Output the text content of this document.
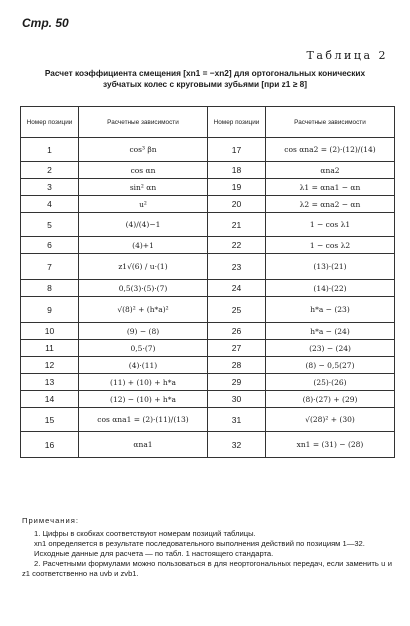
Стр. 50
Таблица 2
Расчет коэффициента смещения [xn1 = −xn2] для ортогональных конических зубчатых колес с круговыми зубьями [при z1 ≥ 8]
Номер позиции	Расчетные зависимости	Номер позиции	Расчетные зависимости
1	cos³ βn	17	cos αna2 = (2)·(12)/(14)
2	cos αn	18	αna2
3	sin² αn	19	λ1 = αna1 − αn
4	u²	20	λ2 = αna2 − αn
5	(4)/(4)−1	21	1 − cos λ1
6	(4)+1	22	1 − cos λ2
7	z1√(6) / u·(1)	23	(13)·(21)
8	0,5(3)·(5)·(7)	24	(14)·(22)
9	√(8)² + (h*a)²	25	h*a − (23)
10	(9) − (8)	26	h*a − (24)
11	0,5·(7)	27	(23) − (24)
12	(4)·(11)	28	(8) − 0,5(27)
13	(11) + (10) + h*a	29	(25)·(26)
14	(12) − (10) + h*a	30	(8)·(27) + (29)
15	cos αna1 = (2)·(11)/(13)	31	√(28)² + (30)
16	αna1	32	xn1 = (31) − (28)
Примечания:

1. Цифры в скобках соответствуют номерам позиций таблицы.

xn1 определяется в результате последовательного выполнения действий по позициям 1—32.

Исходные данные для расчета — по табл. 1 настоящего стандарта.

2. Расчетными формулами можно пользоваться в для неортогональных передач, если заменить u и z1 соответственно на uvb и zvb1.
